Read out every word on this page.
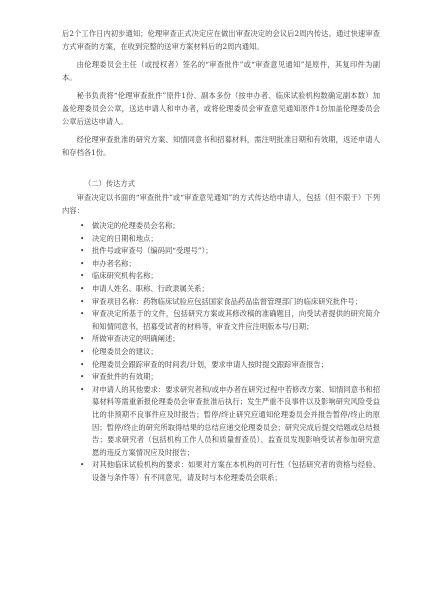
后2个工作日内初步通知；伦理审查正式决定应在做出审查决定的会议后2周内传达。通过快速审查方式审查的方案，在收到完整的送审方案材料后的2周内通知。

由伦理委员会主任（或授权者）签名的“审查批件”或“审查意见通知”是原件，其复印件为副本。

秘书负责将“伦理审查批件”原件1份、副本多份（按申办者、临床试验机构数确定副本数）加盖伦理委员会公章，送达申请人和申办者，或将伦理委员会审查意见通知原件1份加盖伦理委员会公章后送达申请人。

经伦理审查批准的研究方案、知情同意书和招募材料，需注明批准日期和有效期，返还申请人和存档各1份。

（二）传达方式

审查决定以书面的“审查批件”或“审查意见通知”的方式传达给申请人，包括（但不限于）下列内容：

•	做决定的伦理委员会名称；
•	决定的日期和地点；
•	批件号或审查号（编码同“受理号”）；
•	申办者名称；
•	临床研究机构名称；
•	申请人姓名、职称、行政隶属关系；
•	审查项目名称：药物临床试验应包括国家食品药品监督管理部门的临床研究批件号；
•	审查决定所基于的文件，包括研究方案或其修改稿的准确题目，向受试者提供的研究简介和知情同意书，招募受试者的材料等，审查文件应注明版本号/日期；
•	所做审查决定的明确阐述；
•	伦理委员会的建议；
•	伦理委员会跟踪审查的时间表/计划，要求申请人按时提交跟踪审查报告；
•	审查批件的有效期；
•	对申请人的其他要求：要求研究者和/或申办者在研究过程中若修改方案、知情同意书和招募材料等需重新报伦理委员会审查批准后执行；发生严重不良事件以及影响研究风险受益比的非预期不良事件应及时报告；暂停/终止研究应通知伦理委员会并报告暂停/终止的原因；暂停/终止的研究所取得结果的总结应递交伦理委员会；研究完成后提交结题或总结报告；要求研究者（包括机构工作人员和质量督查员）、监查员发现影响受试者参加研究意愿的违反方案情况应及时报告；
•	对其他临床试验机构的要求：如果对方案在本机构的可行性（包括研究者的资格与经验、设备与条件等）有不同意见，请及时与本伦理委员会联系；
